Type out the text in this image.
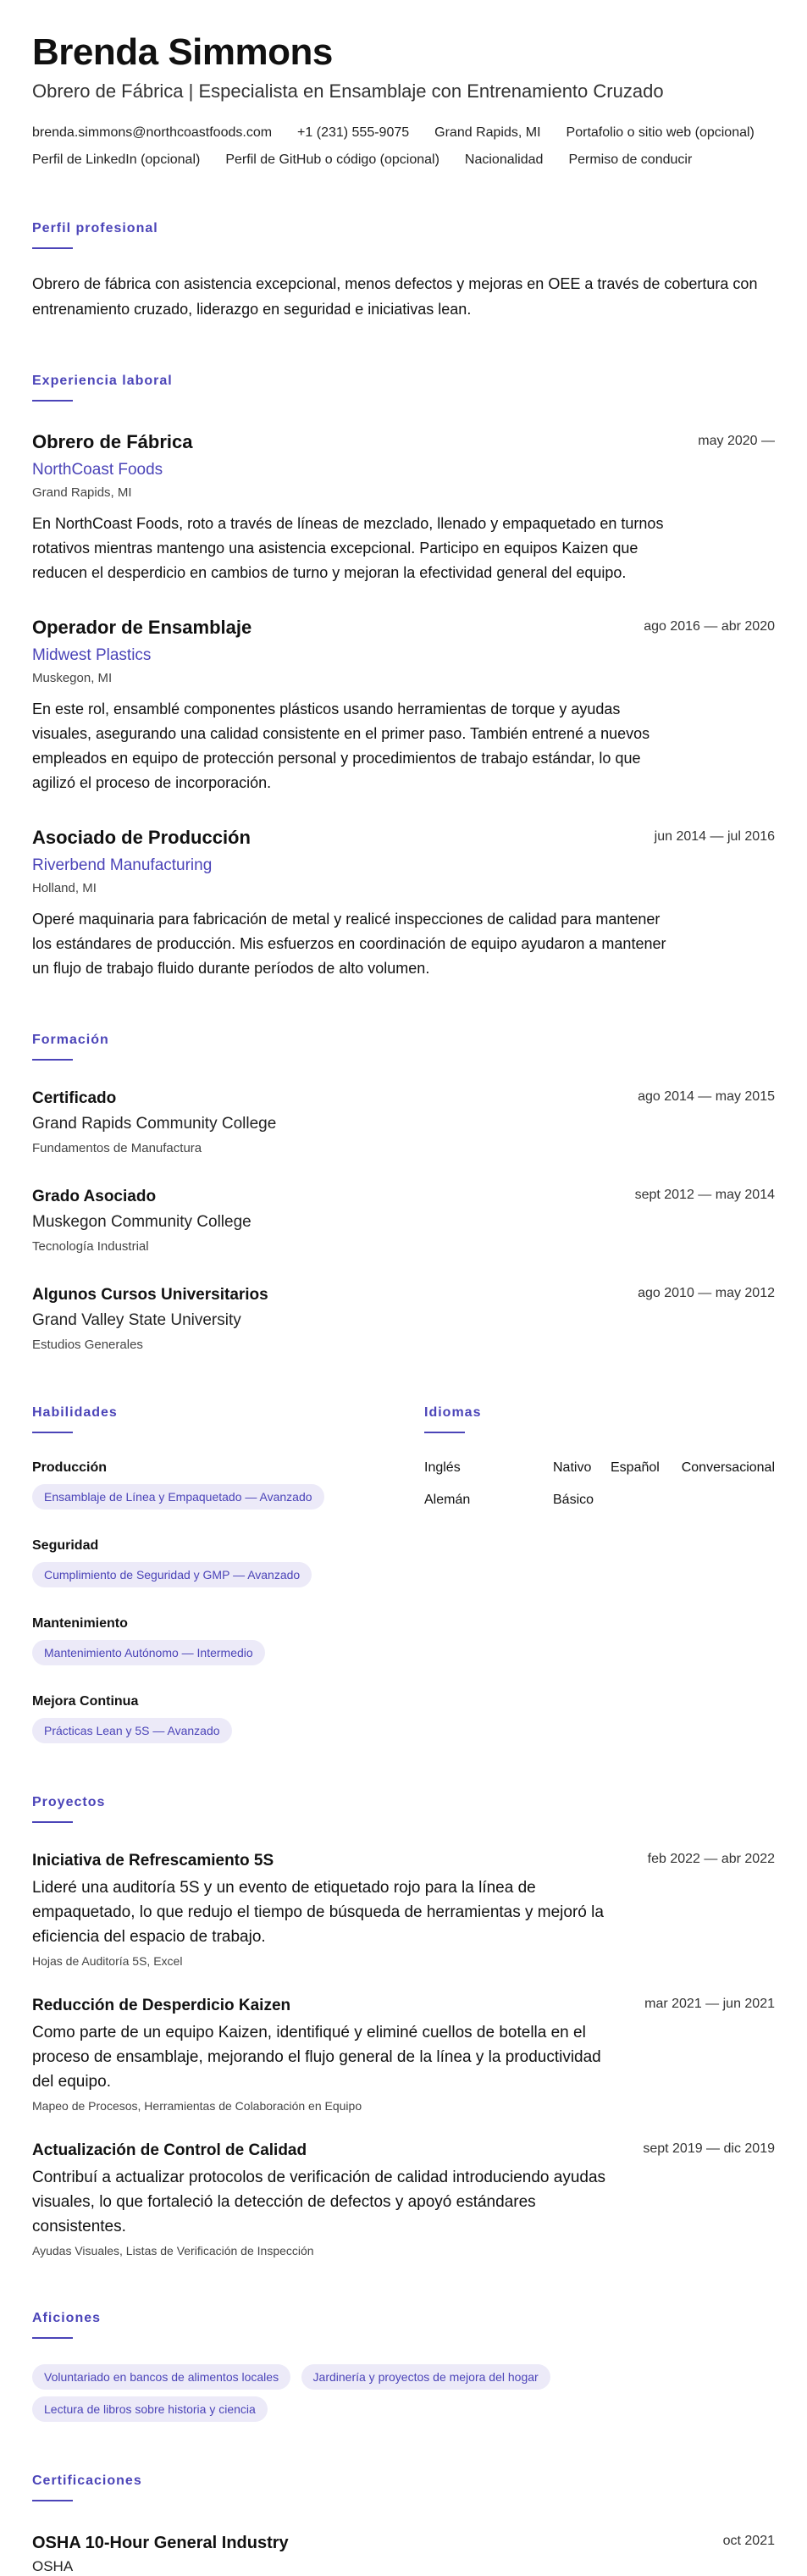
Brenda Simmons
Obrero de Fábrica | Especialista en Ensamblaje con Entrenamiento Cruzado
brenda.simmons@northcoastfoods.com +1 (231) 555-9075 Grand Rapids, MI Portafolio o sitio web (opcional)
Perfil de LinkedIn (opcional) Perfil de GitHub o código (opcional) Nacionalidad Permiso de conducir
Perfil profesional

Obrero de fábrica con asistencia excepcional, menos defectos y mejoras en OEE a través de cobertura con entrenamiento cruzado, liderazgo en seguridad e iniciativas lean.

Experiencia laboral
Obrero de Fábrica	may 2020 —
NorthCoast Foods
Grand Rapids, MI

En NorthCoast Foods, roto a través de líneas de mezclado, llenado y empaquetado en turnos rotativos mientras mantengo una asistencia excepcional. Participo en equipos Kaizen que reducen el desperdicio en cambios de turno y mejoran la efectividad general del equipo.

Operador de Ensamblaje	ago 2016 — abr 2020
Midwest Plastics
Muskegon, MI

En este rol, ensamblé componentes plásticos usando herramientas de torque y ayudas visuales, asegurando una calidad consistente en el primer paso. También entrené a nuevos empleados en equipo de protección personal y procedimientos de trabajo estándar, lo que agilizó el proceso de incorporación.

Asociado de Producción	jun 2014 — jul 2016
Riverbend Manufacturing
Holland, MI

Operé maquinaria para fabricación de metal y realicé inspecciones de calidad para mantener los estándares de producción. Mis esfuerzos en coordinación de equipo ayudaron a mantener un flujo de trabajo fluido durante períodos de alto volumen.

Formación
Certificado	ago 2014 — may 2015
Grand Rapids Community College
Fundamentos de Manufactura
Grado Asociado	sept 2012 — may 2014
Muskegon Community College
Tecnología Industrial
Algunos Cursos Universitarios	ago 2010 — may 2012
Grand Valley State University
Estudios Generales
Habilidades
Producción
Ensamblaje de Línea y Empaquetado — Avanzado
Seguridad
Cumplimiento de Seguridad y GMP — Avanzado
Mantenimiento
Mantenimiento Autónomo — Intermedio
Mejora Continua
Prácticas Lean y 5S — Avanzado
Idiomas
Inglés	Nativo	Español	Conversacional
Alemán	Básico
Proyectos
Iniciativa de Refrescamiento 5S	feb 2022 — abr 2022

Lideré una auditoría 5S y un evento de etiquetado rojo para la línea de empaquetado, lo que redujo el tiempo de búsqueda de herramientas y mejoró la eficiencia del espacio de trabajo.

Hojas de Auditoría 5S, Excel
Reducción de Desperdicio Kaizen	mar 2021 — jun 2021

Como parte de un equipo Kaizen, identifiqué y eliminé cuellos de botella en el proceso de ensamblaje, mejorando el flujo general de la línea y la productividad del equipo.

Mapeo de Procesos, Herramientas de Colaboración en Equipo
Actualización de Control de Calidad	sept 2019 — dic 2019

Contribuí a actualizar protocolos de verificación de calidad introduciendo ayudas visuales, lo que fortaleció la detección de defectos y apoyó estándares consistentes.

Ayudas Visuales, Listas de Verificación de Inspección
Aficiones
Voluntariado en bancos de alimentos locales	Jardinería y proyectos de mejora del hogar Lectura de libros sobre historia y ciencia
Certificaciones
OSHA 10-Hour General Industry	oct 2021
OSHA
